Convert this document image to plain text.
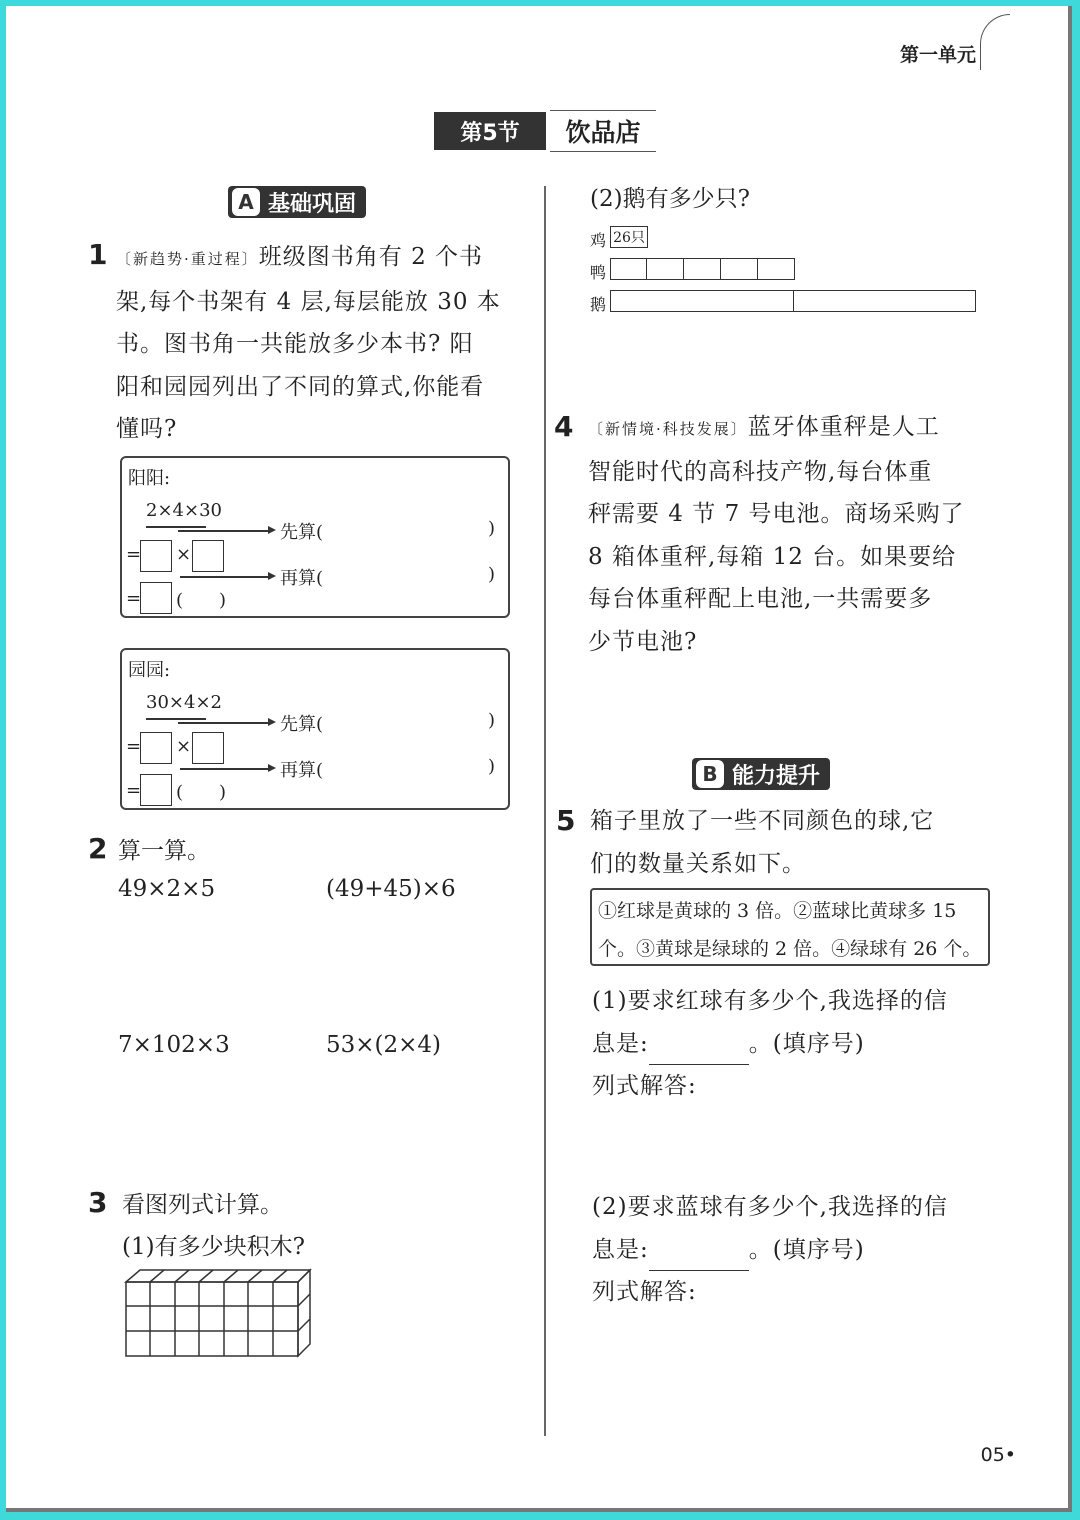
第一单元
第5节	饮品店
A 基础巩固
1 〔新趋势·重过程〕班级图书角有 2 个书
架,每个书架有 4 层,每层能放 30 本
书。图书角一共能放多少本书? 阳
阳和园园列出了不同的算式,你能看
懂吗?
阳阳:
2×4×30
先算(	)
= ×
再算(	)
= (　　)
园园:
30×4×2
先算(	)
= ×
再算(	)
= (　　)
2 算一算。
49×2×5	(49+45)×6
7×102×3	53×(2×4)
3 看图列式计算。
(1)有多少块积木?
(2)鹅有多少只?
鸡 26只
鸭
鹅
4 〔新情境·科技发展〕蓝牙体重秤是人工
智能时代的高科技产物,每台体重
秤需要 4 节 7 号电池。商场采购了
8 箱体重秤,每箱 12 台。如果要给
每台体重秤配上电池,一共需要多
少节电池?
B 能力提升
5 箱子里放了一些不同颜色的球,它
们的数量关系如下。
①红球是黄球的 3 倍。②蓝球比黄球多 15
个。③黄球是绿球的 2 倍。④绿球有 26 个。
(1)要求红球有多少个,我选择的信
息是:	。(填序号)
列式解答:
(2)要求蓝球有多少个,我选择的信
息是:	。(填序号)
列式解答:
05•
